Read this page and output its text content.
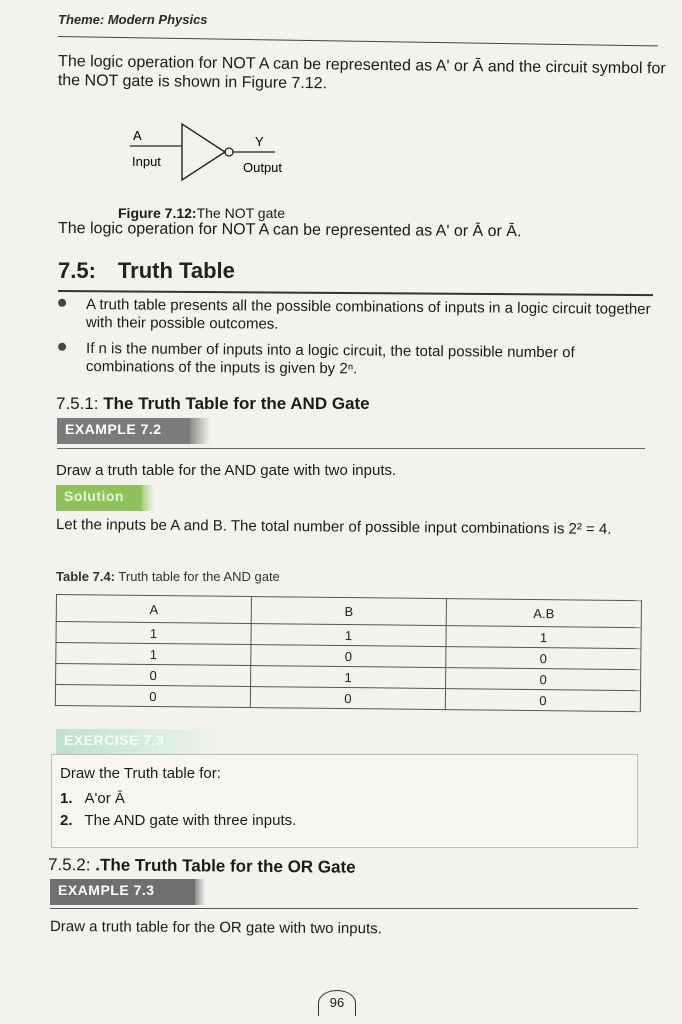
Theme: Modern Physics
The logic operation for NOT A can be represented as A' or Ā and the circuit symbol for the NOT gate is shown in Figure 7.12.
A
Input
Y
Output
Figure 7.12:The NOT gate
The logic operation for NOT A can be represented as A' or Ā or Ā.
7.5: Truth Table
A truth table presents all the possible combinations of inputs in a logic circuit together with their possible outcomes.
If n is the number of inputs into a logic circuit, the total possible number of combinations of the inputs is given by 2ⁿ.
7.5.1: The Truth Table for the AND Gate
EXAMPLE 7.2
Draw a truth table for the AND gate with two inputs.
Solution
Let the inputs be A and B. The total number of possible input combinations is 2² = 4.
Table 7.4: Truth table for the AND gate
A	B	A.B
1	1	1
1	0	0
0	1	0
0	0	0
EXERCISE 7.3
Draw the Truth table for:
1. A'or Ā
2. The AND gate with three inputs.
7.5.2: .The Truth Table for the OR Gate
EXAMPLE 7.3
Draw a truth table for the OR gate with two inputs.
96
